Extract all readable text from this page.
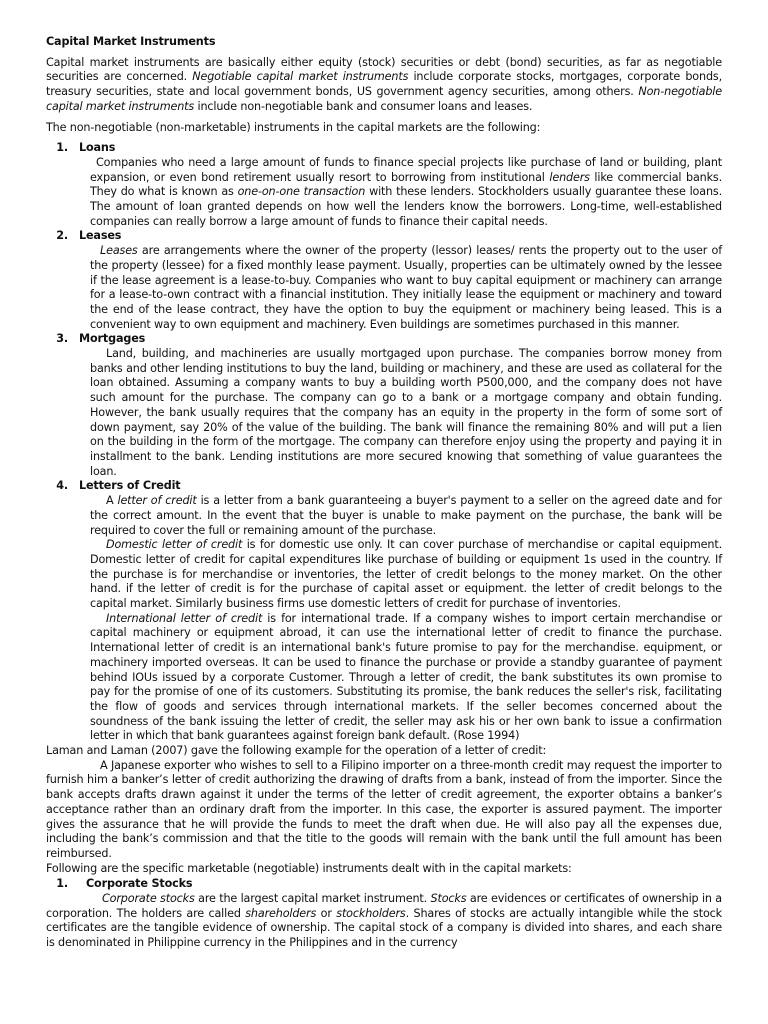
Capital Market Instruments

Capital market instruments are basically either equity (stock) securities or debt (bond) securities, as far as negotiable securities are concerned. Negotiable capital market instruments include corporate stocks, mortgages, corporate bonds, treasury securities, state and local government bonds, US government agency securities, among others. Non-negotiable capital market instruments include non-negotiable bank and consumer loans and leases.

The non-negotiable (non-marketable) instruments in the capital markets are the following:

1. Loans

Companies who need a large amount of funds to finance special projects like purchase of land or building, plant expansion, or even bond retirement usually resort to borrowing from institutional lenders like commercial banks. They do what is known as one-on-one transaction with these lenders. Stockholders usually guarantee these loans. The amount of loan granted depends on how well the lenders know the borrowers. Long-time, well-established companies can really borrow a large amount of funds to finance their capital needs.

2. Leases

Leases are arrangements where the owner of the property (lessor) leases/ rents the property out to the user of the property (lessee) for a fixed monthly lease payment. Usually, properties can be ultimately owned by the lessee if the lease agreement is a lease-to-buy. Companies who want to buy capital equipment or machinery can arrange for a lease-to-own contract with a financial institution. They initially lease the equipment or machinery and toward the end of the lease contract, they have the option to buy the equipment or machinery being leased. This is a convenient way to own equipment and machinery. Even buildings are sometimes purchased in this manner.

3. Mortgages

Land, building, and machineries are usually mortgaged upon purchase. The companies borrow money from banks and other lending institutions to buy the land, building or machinery, and these are used as collateral for the loan obtained. Assuming a company wants to buy a building worth P500,000, and the company does not have such amount for the purchase. The company can go to a bank or a mortgage company and obtain funding. However, the bank usually requires that the company has an equity in the property in the form of some sort of down payment, say 20% of the value of the building. The bank will finance the remaining 80% and will put a lien on the building in the form of the mortgage. The company can therefore enjoy using the property and paying it in installment to the bank. Lending institutions are more secured knowing that something of value guarantees the loan.

4. Letters of Credit

A letter of credit is a letter from a bank guaranteeing a buyer's payment to a seller on the agreed date and for the correct amount. In the event that the buyer is unable to make payment on the purchase, the bank will be required to cover the full or remaining amount of the purchase.

Domestic letter of credit is for domestic use only. It can cover purchase of merchandise or capital equipment. Domestic letter of credit for capital expenditures like purchase of building or equipment 1s used in the country. If the purchase is for merchandise or inventories, the letter of credit belongs to the money market. On the other hand. if the letter of credit is for the purchase of capital asset or equipment. the letter of credit belongs to the capital market. Similarly business firms use domestic letters of credit for purchase of inventories.

International letter of credit is for international trade. If a company wishes to import certain merchandise or capital machinery or equipment abroad, it can use the international letter of credit to finance the purchase. International letter of credit is an international bank's future promise to pay for the merchandise. equipment, or machinery imported overseas. It can be used to finance the purchase or provide a standby guarantee of payment behind IOUs issued by a corporate Customer. Through a letter of credit, the bank substitutes its own promise to pay for the promise of one of its customers. Substituting its promise, the bank reduces the seller's risk, facilitating the flow of goods and services through international markets. If the seller becomes concerned about the soundness of the bank issuing the letter of credit, the seller may ask his or her own bank to issue a confirmation letter in which that bank guarantees against foreign bank default. (Rose 1994)

Laman and Laman (2007) gave the following example for the operation of a letter of credit:

A Japanese exporter who wishes to sell to a Filipino importer on a three-month credit may request the importer to furnish him a banker’s letter of credit authorizing the drawing of drafts from a bank, instead of from the importer. Since the bank accepts drafts drawn against it under the terms of the letter of credit agreement, the exporter obtains a banker’s acceptance rather than an ordinary draft from the importer. In this case, the exporter is assured payment. The importer gives the assurance that he will provide the funds to meet the draft when due. He will also pay all the expenses due, including the bank’s commission and that the title to the goods will remain with the bank until the full amount has been reimbursed.

Following are the specific marketable (negotiable) instruments dealt with in the capital markets:

1. Corporate Stocks

Corporate stocks are the largest capital market instrument. Stocks are evidences or certificates of ownership in a corporation. The holders are called shareholders or stockholders. Shares of stocks are actually intangible while the stock certificates are the tangible evidence of ownership. The capital stock of a company is divided into shares, and each share is denominated in Philippine currency in the Philippines and in the currency
